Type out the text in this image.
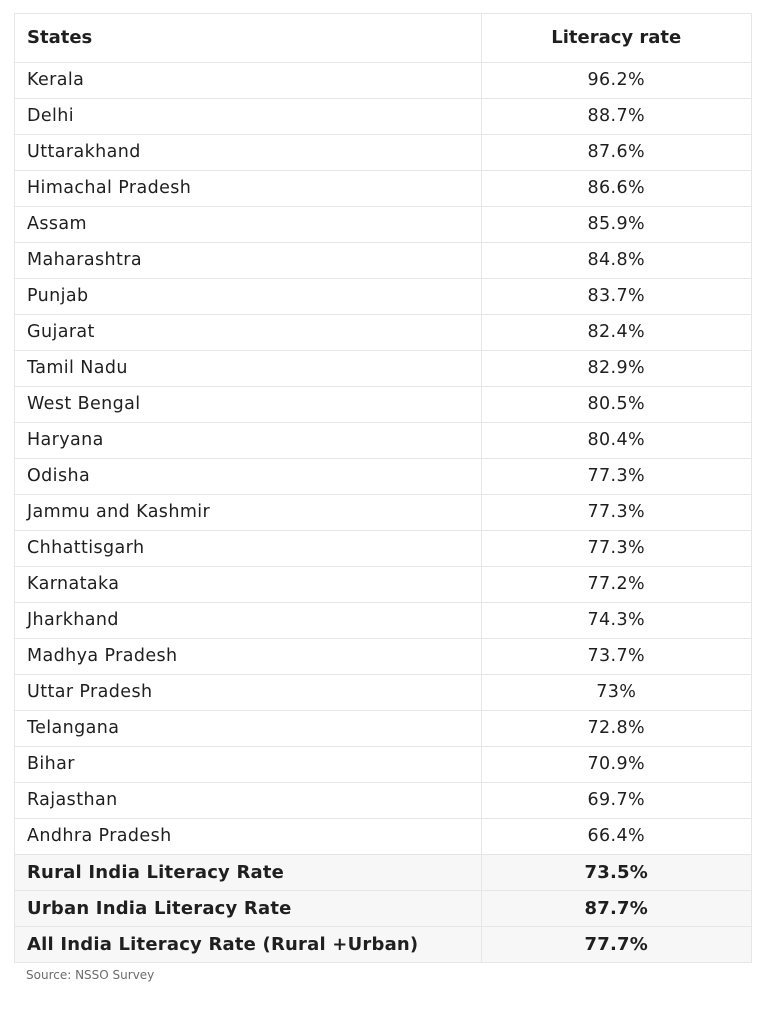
States	Literacy rate
Kerala	96.2%
Delhi	88.7%
Uttarakhand	87.6%
Himachal Pradesh	86.6%
Assam	85.9%
Maharashtra	84.8%
Punjab	83.7%
Gujarat	82.4%
Tamil Nadu	82.9%
West Bengal	80.5%
Haryana	80.4%
Odisha	77.3%
Jammu and Kashmir	77.3%
Chhattisgarh	77.3%
Karnataka	77.2%
Jharkhand	74.3%
Madhya Pradesh	73.7%
Uttar Pradesh	73%
Telangana	72.8%
Bihar	70.9%
Rajasthan	69.7%
Andhra Pradesh	66.4%
Rural India Literacy Rate	73.5%
Urban India Literacy Rate	87.7%
All India Literacy Rate (Rural +Urban)	77.7%
Source: NSSO Survey
